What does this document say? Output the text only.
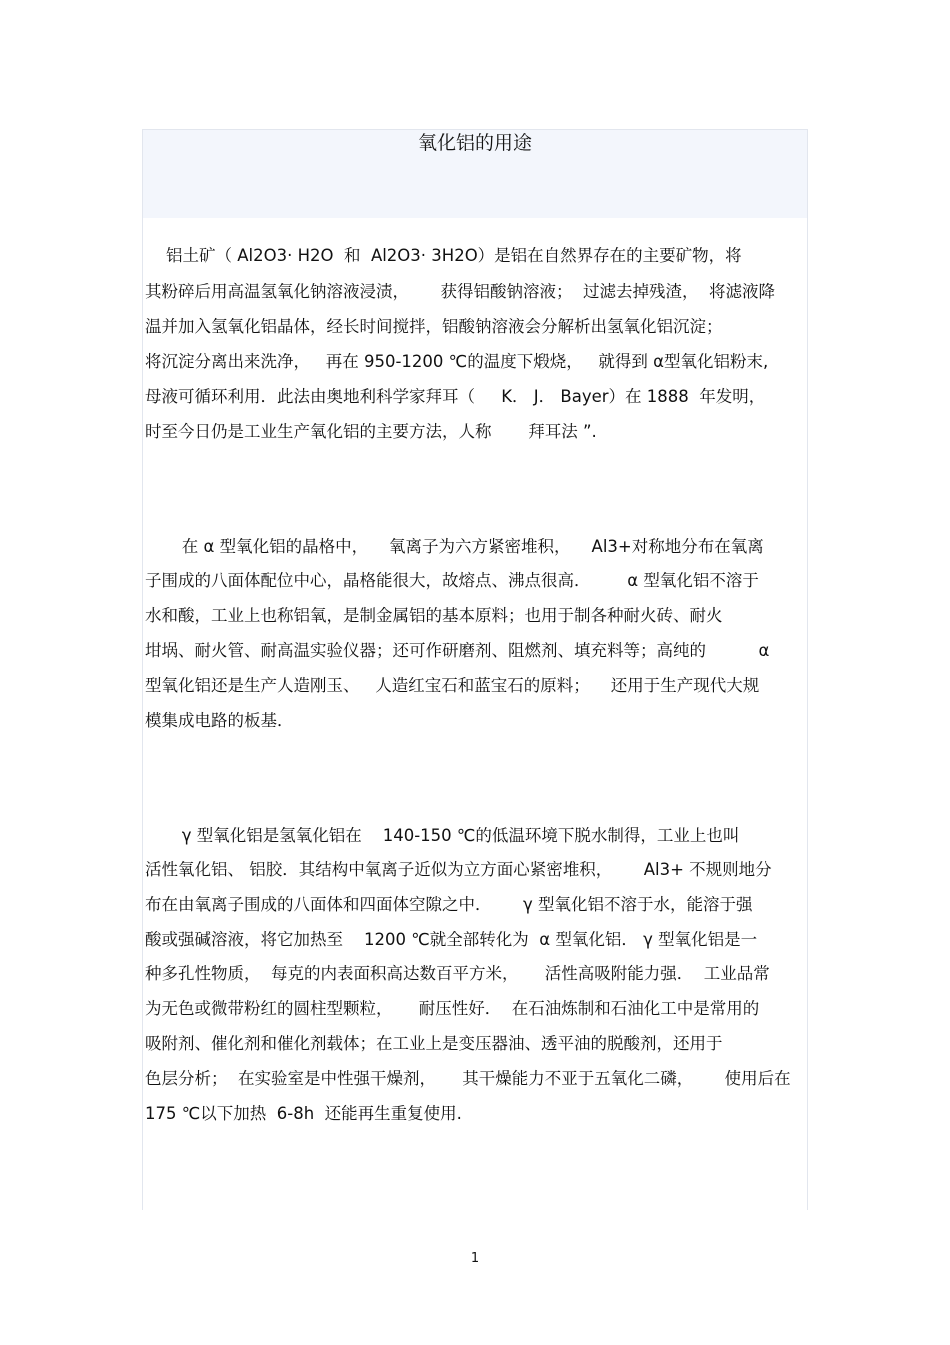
氧化铝的用途
铝土矿（ Al2O3· H2O  和  Al2O3· 3H2O）是铝在自然界存在的主要矿物，将
其粉碎后用高温氢氧化钠溶液浸渍，      获得铝酸钠溶液；  过滤去掉残渣，  将滤液降
温并加入氢氧化铝晶体，经长时间搅拌，铝酸钠溶液会分解析出氢氧化铝沉淀；
将沉淀分离出来洗净，   再在 950-1200 ℃的温度下煅烧，   就得到 α型氧化铝粉末,
母液可循环利用．此法由奥地利科学家拜耳（     K． J． Bayer）在 1888  年发明，
时至今日仍是工业生产氧化铝的主要方法，人称       拜耳法 ”.
在 α 型氧化铝的晶格中，    氧离子为六方紧密堆积，    Al3+对称地分布在氧离
子围成的八面体配位中心，晶格能很大，故熔点、沸点很高．       α 型氧化铝不溶于
水和酸，工业上也称铝氧，是制金属铝的基本原料；也用于制各种耐火砖、耐火
坩埚、耐火管、耐高温实验仪器；还可作研磨剂、阻燃剂、填充料等；高纯的          α
型氧化铝还是生产人造刚玉、   人造红宝石和蓝宝石的原料；    还用于生产现代大规
模集成电路的板基．
γ 型氧化铝是氢氧化铝在    140-150 ℃的低温环境下脱水制得，工业上也叫
活性氧化铝、 铝胶．其结构中氧离子近似为立方面心紧密堆积，      Al3+ 不规则地分
布在由氧离子围成的八面体和四面体空隙之中．      γ 型氧化铝不溶于水，能溶于强
酸或强碱溶液，将它加热至    1200 ℃就全部转化为  α 型氧化铝． γ 型氧化铝是一
种多孔性物质，  每克的内表面积高达数百平方米，     活性高吸附能力强．  工业品常
为无色或微带粉红的圆柱型颗粒，     耐压性好．  在石油炼制和石油化工中是常用的
吸附剂、催化剂和催化剂载体；在工业上是变压器油、透平油的脱酸剂，还用于
色层分析；  在实验室是中性强干燥剂，     其干燥能力不亚于五氧化二磷，      使用后在
175 ℃以下加热  6-8h  还能再生重复使用.
1
